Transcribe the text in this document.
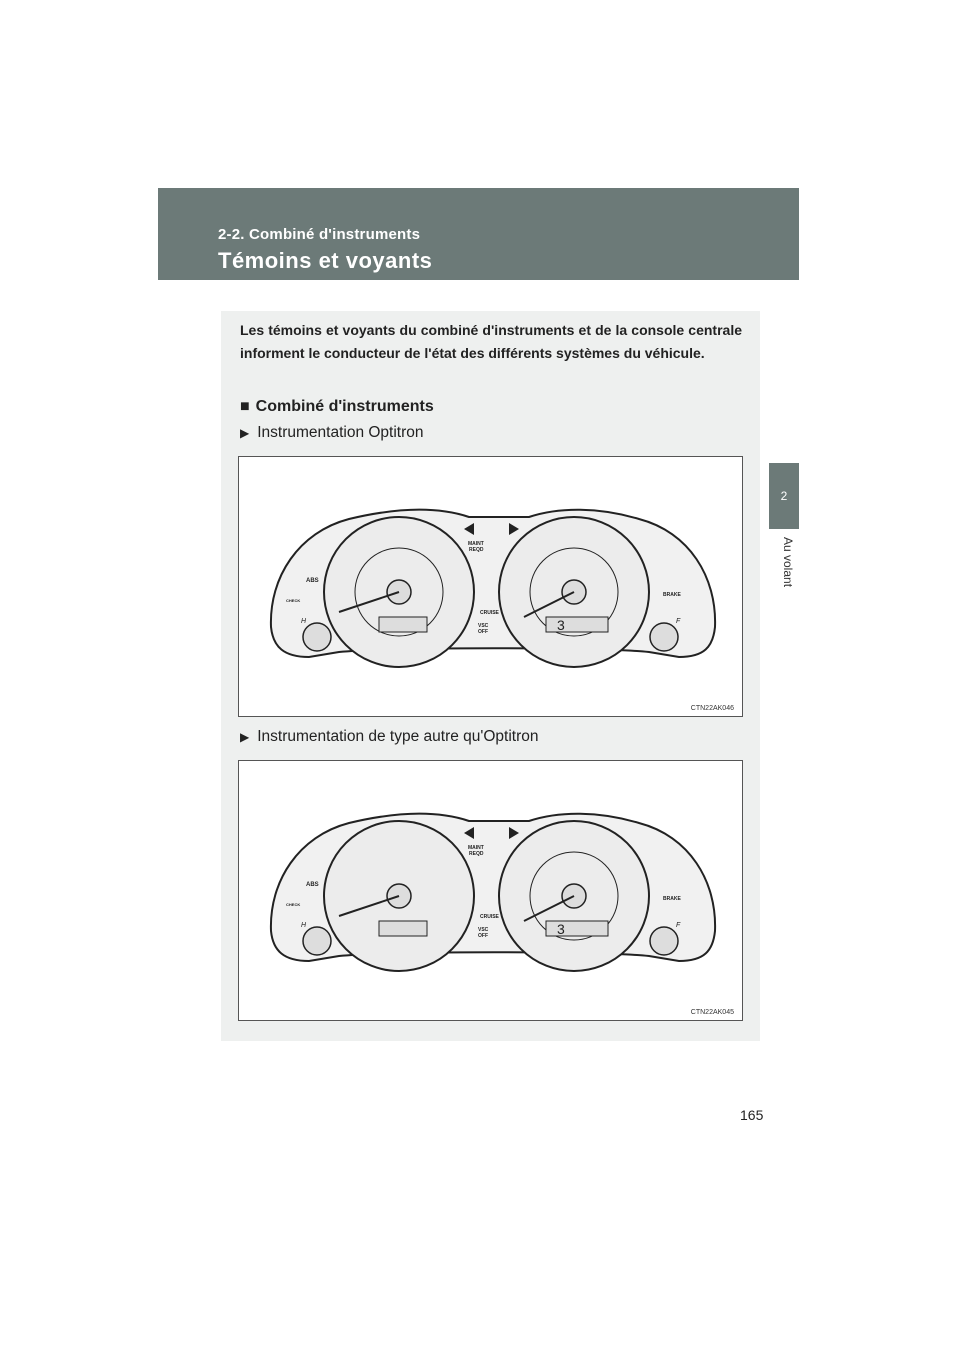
2-2. Combiné d'instruments
Témoins et voyants
2
Au volant
Les témoins et voyants du combiné d'instruments et de la console centrale informent le conducteur de l'état des différents systèmes du véhicule.
■ Combiné d'instruments
▶ Instrumentation Optitron
3
MAINT
REQD
CRUISE
VSC
OFF
ABS
CHECK
BRAKE
H	F
CTN22AK046
▶ Instrumentation de type autre qu'Optitron
3
MAINT
REQD
CRUISE
VSC
OFF
ABS
CHECK
BRAKE
H	F
CTN22AK045
165
